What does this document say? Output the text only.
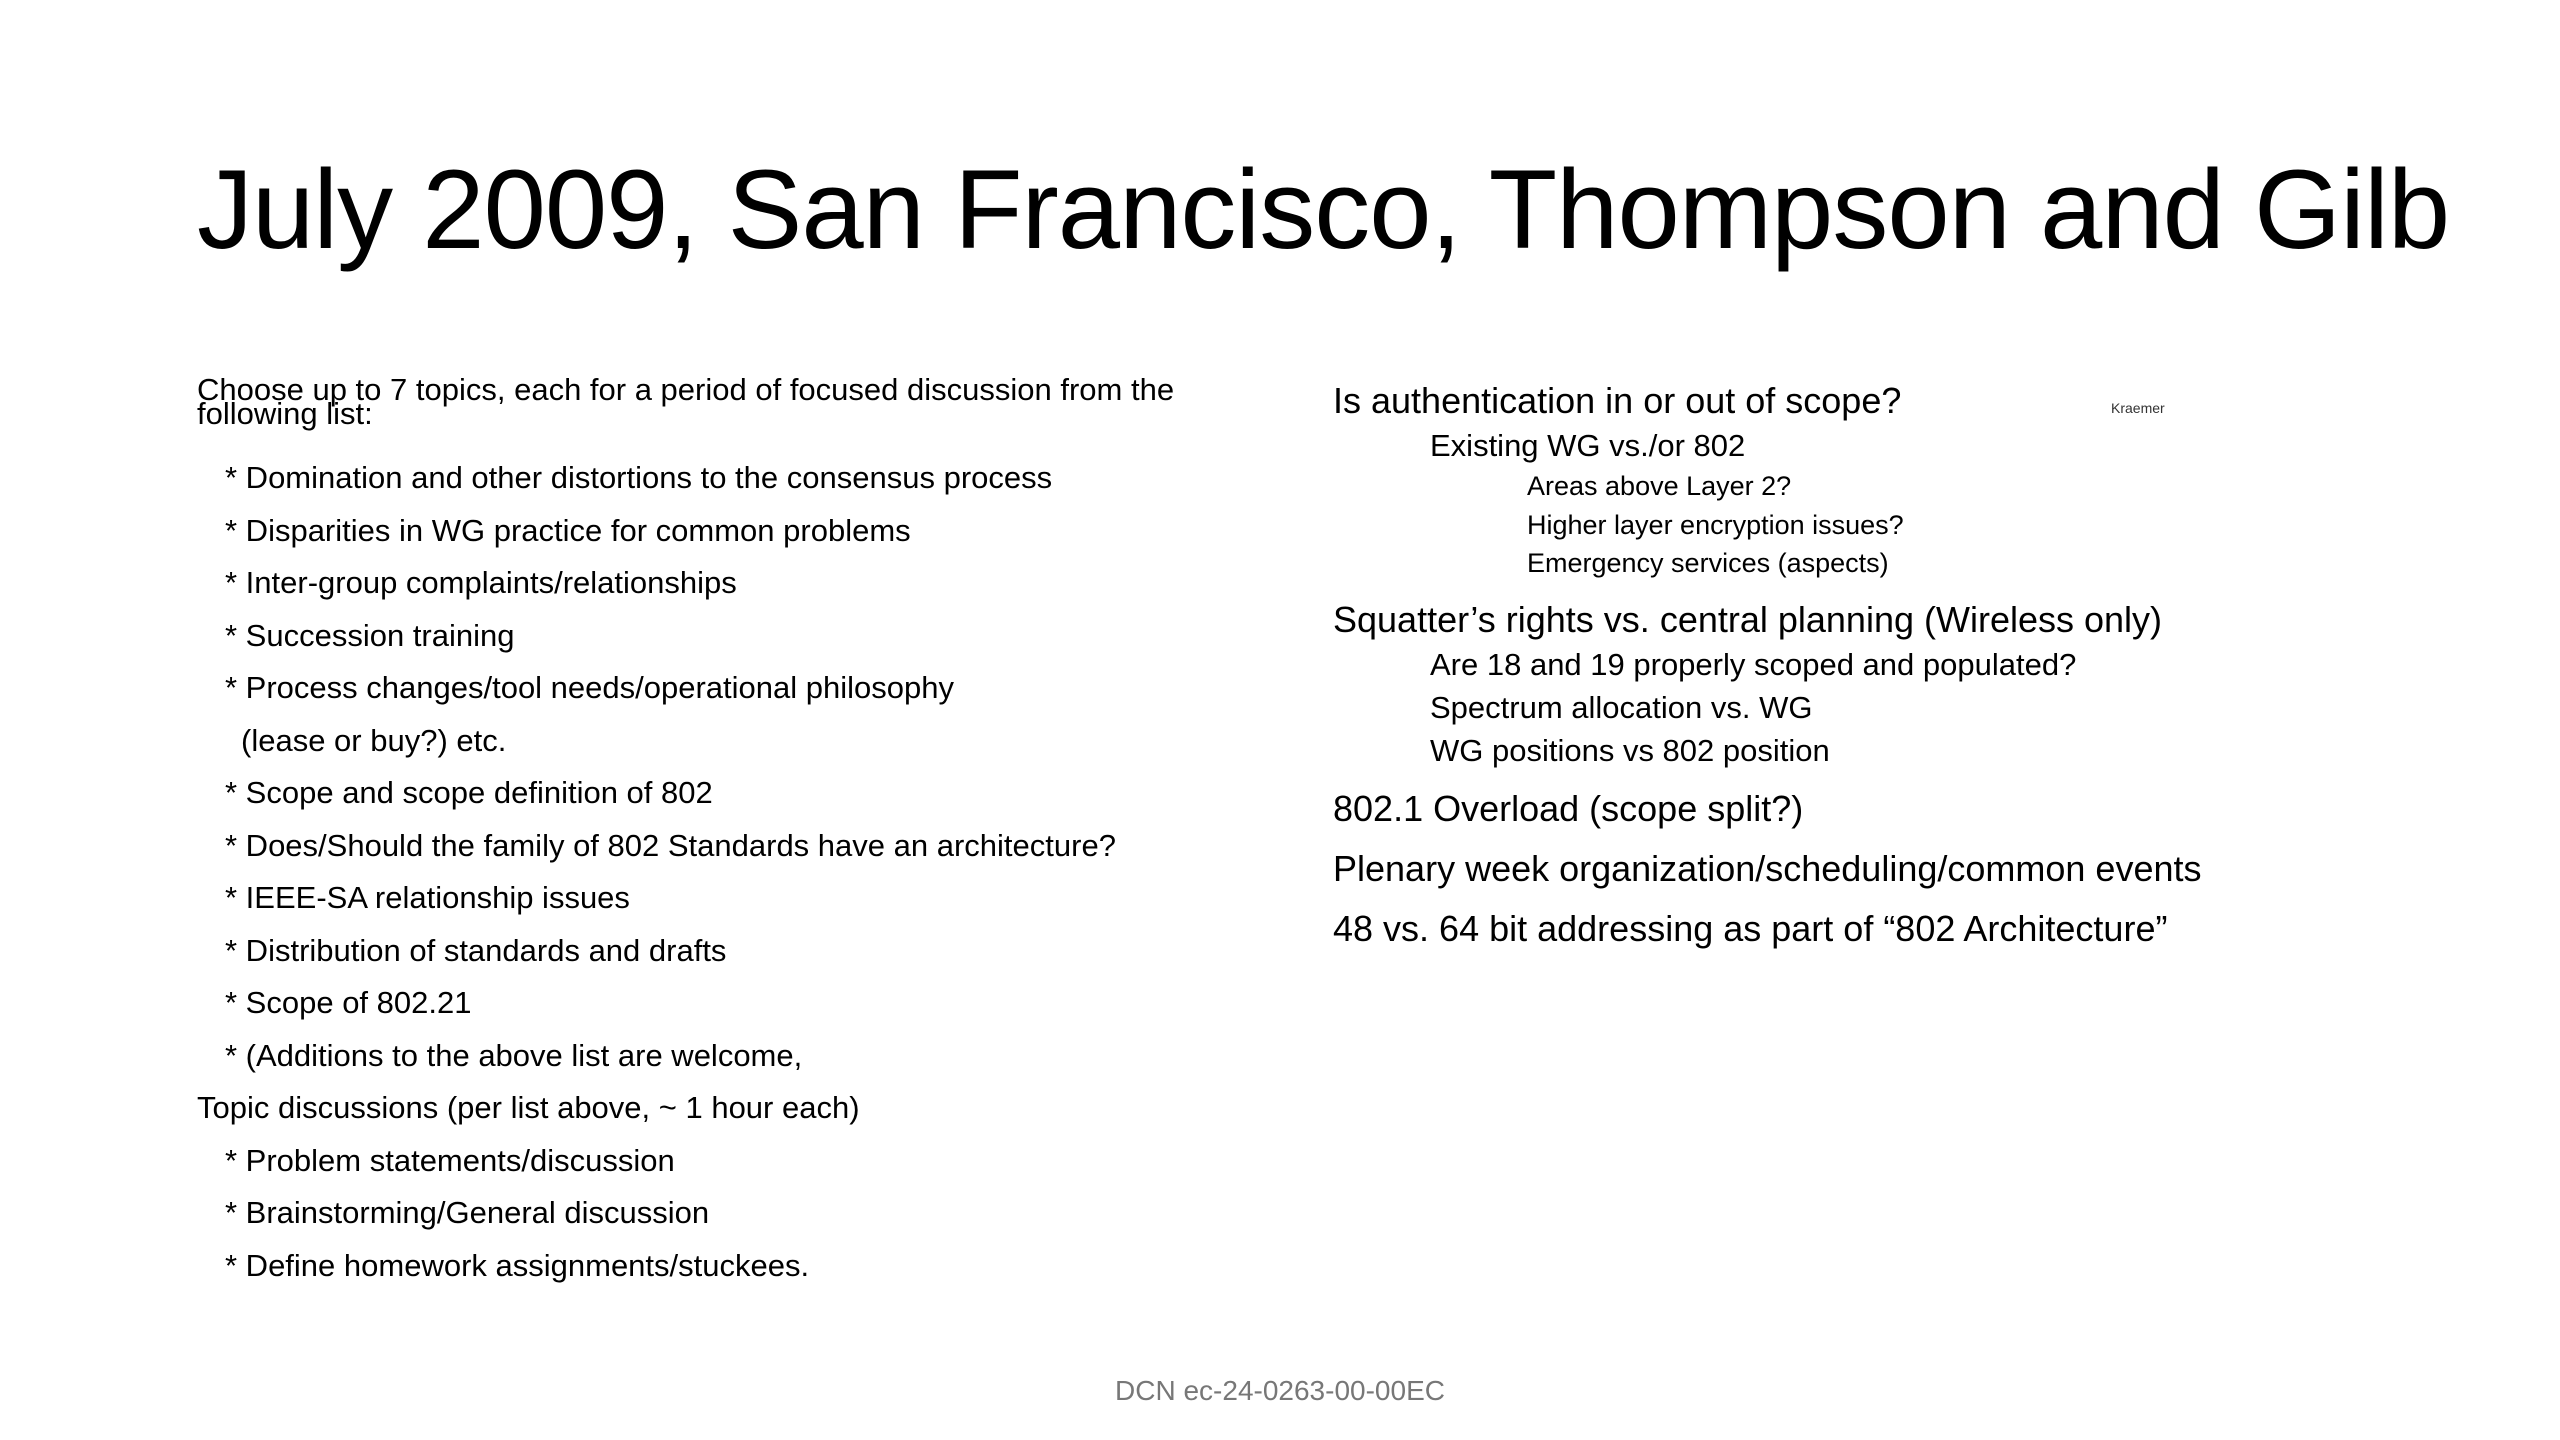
July 2009, San Francisco, Thompson and Gilb
Choose up to 7 topics, each for a period of focused discussion from the following list:
* Domination and other distortions to the consensus process
* Disparities in WG practice for common problems
* Inter-group complaints/relationships
* Succession training
* Process changes/tool needs/operational philosophy
(lease or buy?) etc.
* Scope and scope definition of 802
* Does/Should the family of 802 Standards have an architecture?
* IEEE-SA relationship issues
* Distribution of standards and drafts
* Scope of 802.21
* (Additions to the above list are welcome,
Topic discussions (per list above, ~ 1 hour each)
* Problem statements/discussion
* Brainstorming/General discussion
* Define homework assignments/stuckees.
Is authentication in or out of scope?
Existing WG vs./or 802
Areas above Layer 2?
Higher layer encryption issues?
Emergency services (aspects)
Squatter’s rights vs. central planning (Wireless only)
Are 18 and 19 properly scoped and populated?
Spectrum allocation vs. WG
WG positions vs 802 position
802.1 Overload (scope split?)
Plenary week organization/scheduling/common events
48 vs. 64 bit addressing as part of “802 Architecture”
Kraemer
DCN ec-24-0263-00-00EC
